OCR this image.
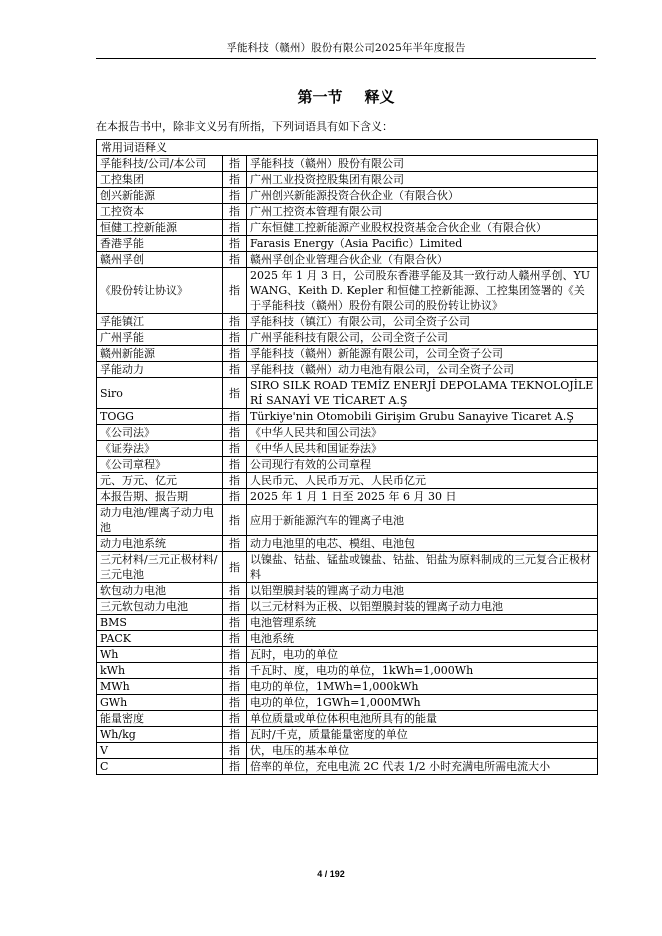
孚能科技（赣州）股份有限公司2025年半年度报告
第一节 释义
在本报告书中，除非文义另有所指，下列词语具有如下含义：
常用词语释义		
孚能科技/公司/本公司	指	孚能科技（赣州）股份有限公司
工控集团	指	广州工业投资控股集团有限公司
创兴新能源	指	广州创兴新能源投资合伙企业（有限合伙）
工控资本	指	广州工控资本管理有限公司
恒健工控新能源	指	广东恒健工控新能源产业股权投资基金合伙企业（有限合伙）
香港孚能	指	Farasis Energy（Asia Pacific）Limited
赣州孚创	指	赣州孚创企业管理合伙企业（有限合伙）
《股份转让协议》	指	2025 年 1 月 3 日，公司股东香港孚能及其一致行动人赣州孚创、YU WANG、Keith D. Kepler 和恒健工控新能源、工控集团签署的《关于孚能科技（赣州）股份有限公司的股份转让协议》
孚能镇江	指	孚能科技（镇江）有限公司，公司全资子公司
广州孚能	指	广州孚能科技有限公司，公司全资子公司
赣州新能源	指	孚能科技（赣州）新能源有限公司，公司全资子公司
孚能动力	指	孚能科技（赣州）动力电池有限公司，公司全资子公司
Siro	指	SIRO SILK ROAD TEMİZ ENERJİ DEPOLAMA TEKNOLOJİLERİ SANAYİ VE TİCARET A.Ş
TOGG	指	Türkiye'nin Otomobili Girişim Grubu Sanayive Ticaret A.Ş
《公司法》	指	《中华人民共和国公司法》
《证券法》	指	《中华人民共和国证券法》
《公司章程》	指	公司现行有效的公司章程
元、万元、亿元	指	人民币元、人民币万元、人民币亿元
本报告期、报告期	指	2025 年 1 月 1 日至 2025 年 6 月 30 日
动力电池/锂离子动力电池	指	应用于新能源汽车的锂离子电池
动力电池系统	指	动力电池里的电芯、模组、电池包
三元材料/三元正极材料/三元电池	指	以镍盐、钴盐、锰盐或镍盐、钴盐、铝盐为原料制成的三元复合正极材料
软包动力电池	指	以铝塑膜封装的锂离子动力电池
三元软包动力电池	指	以三元材料为正极、以铝塑膜封装的锂离子动力电池
BMS	指	电池管理系统
PACK	指	电池系统
Wh	指	瓦时，电功的单位
kWh	指	千瓦时、度，电功的单位，1kWh=1,000Wh
MWh	指	电功的单位，1MWh=1,000kWh
GWh	指	电功的单位，1GWh=1,000MWh
能量密度	指	单位质量或单位体积电池所具有的能量
Wh/kg	指	瓦时/千克，质量能量密度的单位
V	指	伏，电压的基本单位
C	指	倍率的单位，充电电流 2C 代表 1/2 小时充满电所需电流大小
4 / 192
